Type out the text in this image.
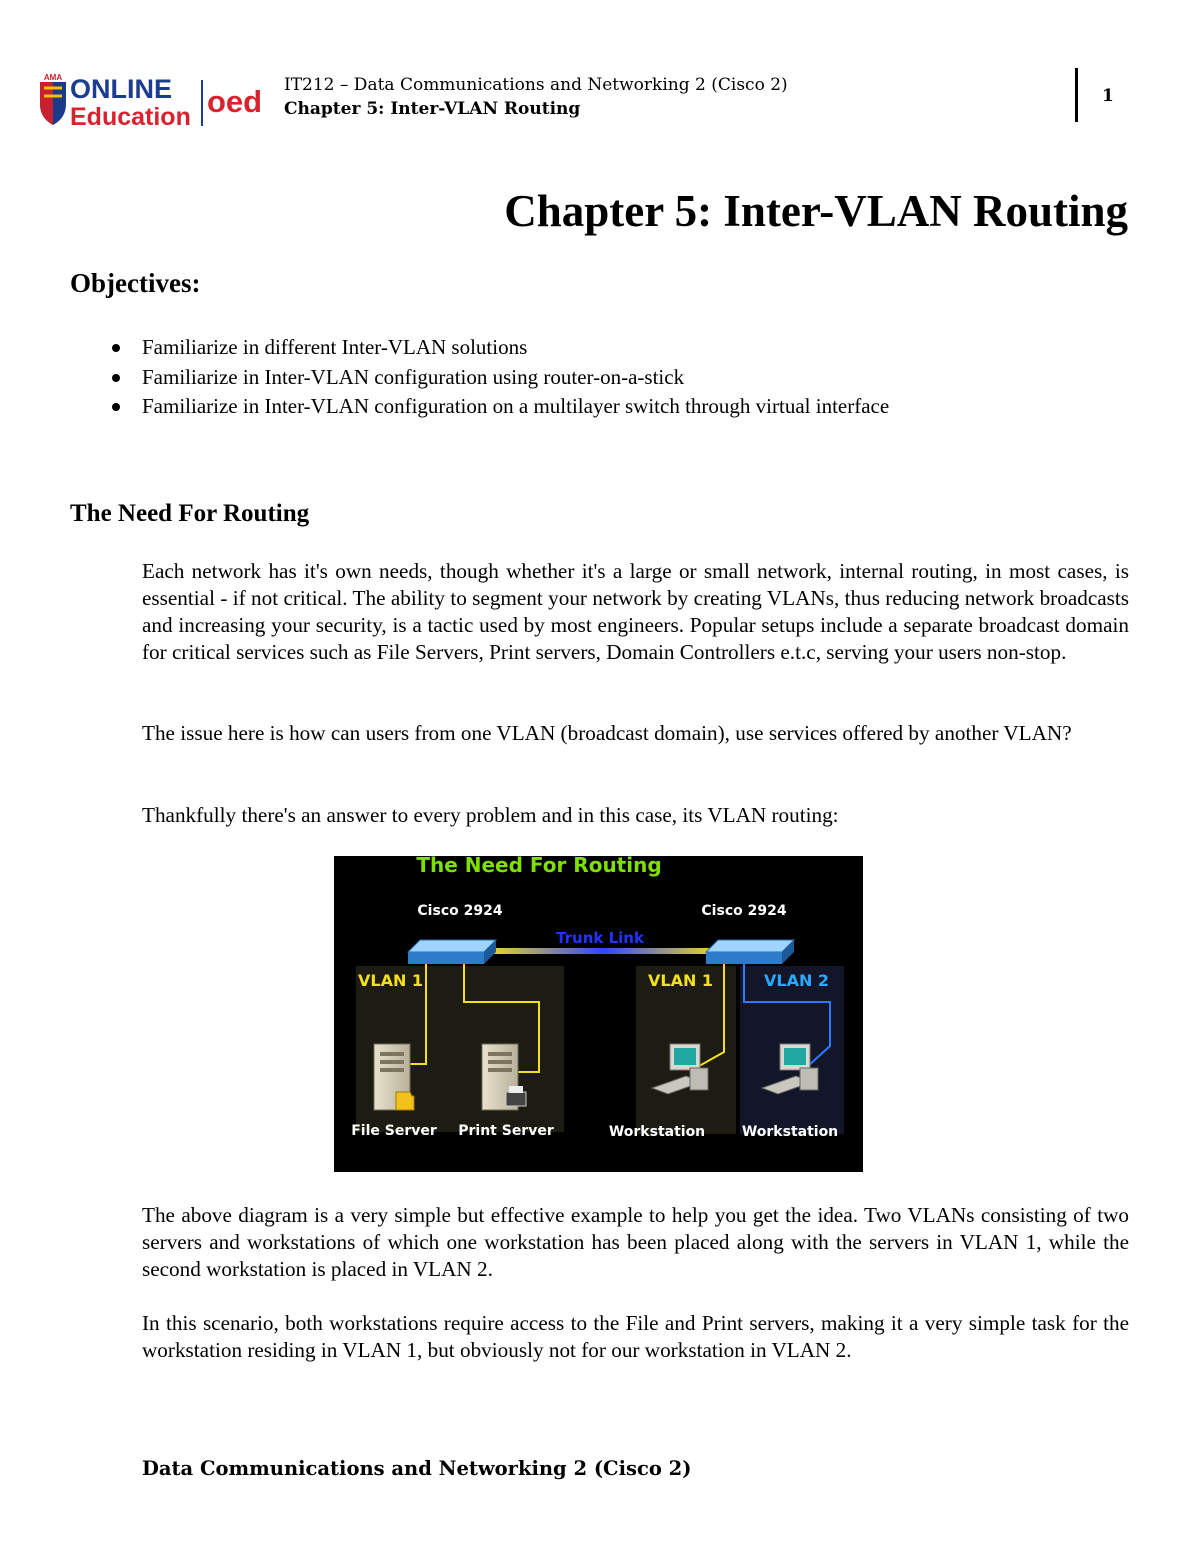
AMA ONLINE
Education oed IT212 – Data Communications and Networking 2 (Cisco 2)
Chapter 5: Inter-VLAN Routing
1
Chapter 5: Inter-VLAN Routing
Objectives:
Familiarize in different Inter-VLAN solutions
Familiarize in Inter-VLAN configuration using router-on-a-stick
Familiarize in Inter-VLAN configuration on a multilayer switch through virtual interface
The Need For Routing

Each network has it's own needs, though whether it's a large or small network, internal routing, in most cases, is essential - if not critical. The ability to segment your network by creating VLANs, thus reducing network broadcasts and increasing your security, is a tactic used by most engineers. Popular setups include a separate broadcast domain for critical services such as File Servers, Print servers, Domain Controllers e.t.c, serving your users non-stop.

The issue here is how can users from one VLAN (broadcast domain), use services offered by another VLAN?

Thankfully there's an answer to every problem and in this case, its VLAN routing:

The Need For Routing
Cisco 2924	Cisco 2924
Trunk Link
VLAN 1	VLAN 1	VLAN 2
File Server Print Server	Workstation	Workstation

The above diagram is a very simple but effective example to help you get the idea. Two VLANs consisting of two servers and workstations of which one workstation has been placed along with the servers in VLAN 1, while the second workstation is placed in VLAN 2.

In this scenario, both workstations require access to the File and Print servers, making it a very simple task for the workstation residing in VLAN 1, but obviously not for our workstation in VLAN 2.

Data Communications and Networking 2 (Cisco 2)
